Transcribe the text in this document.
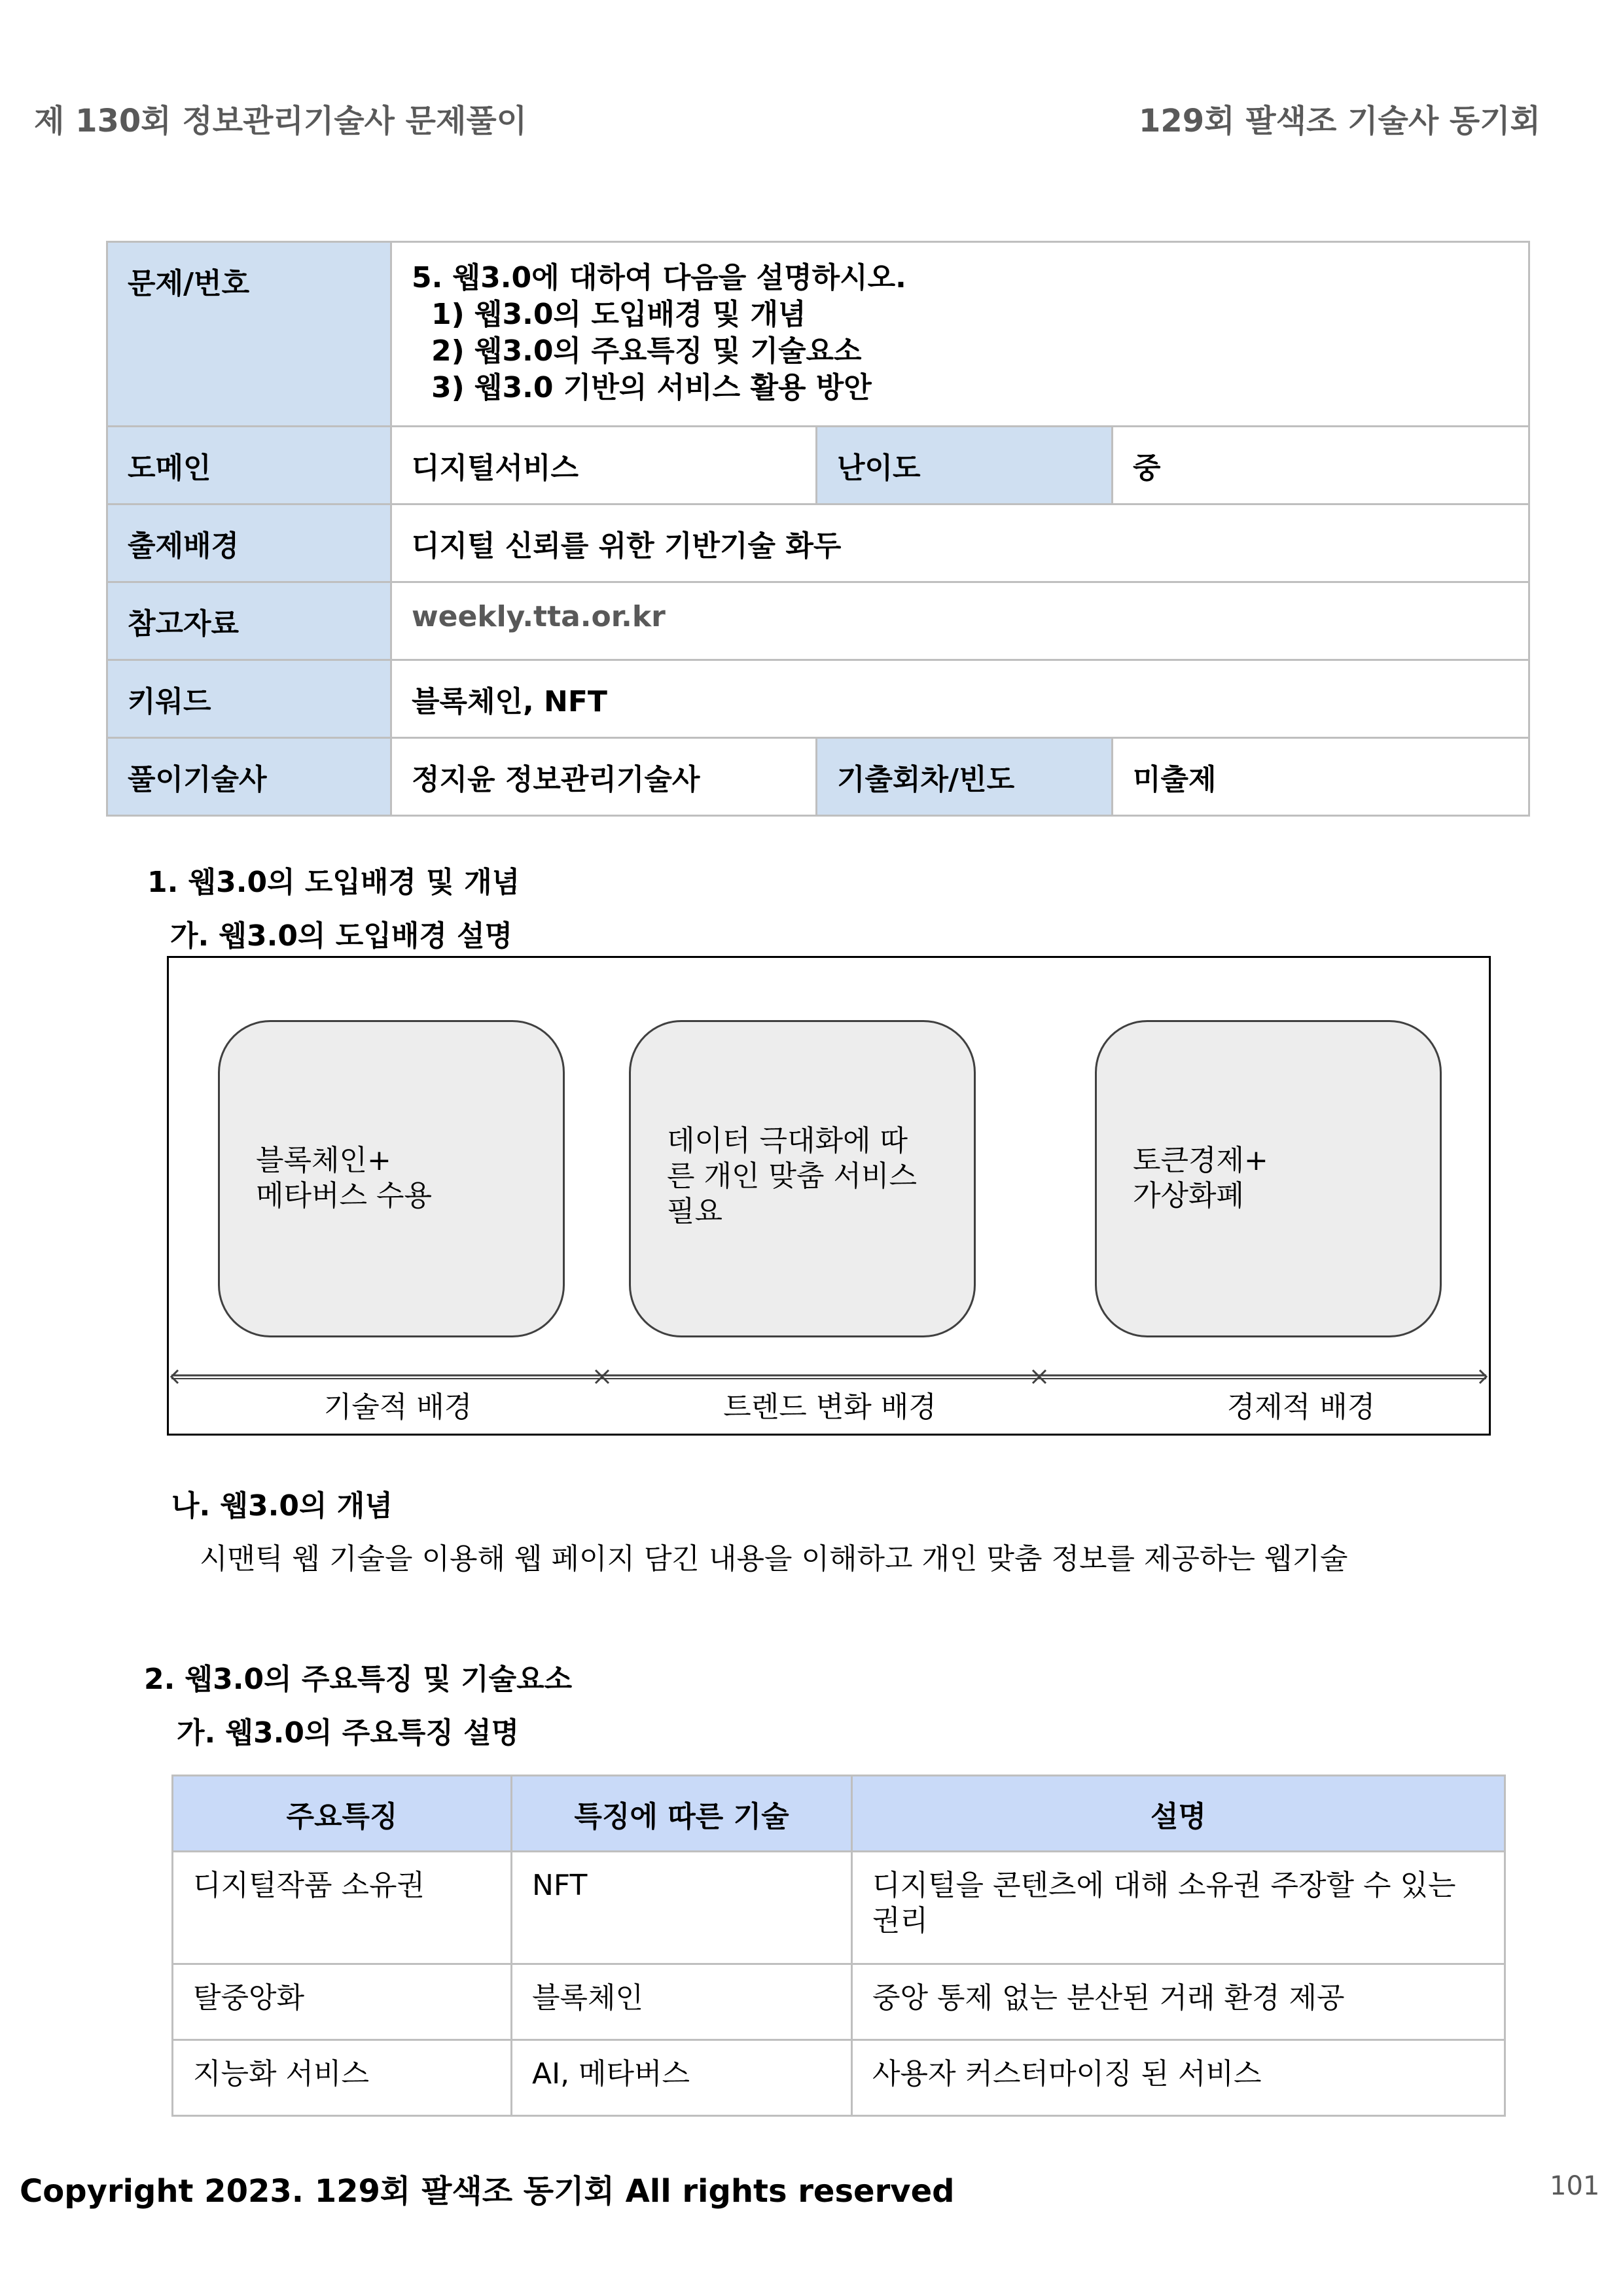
제 130회 정보관리기술사 문제풀이	129회 팔색조 기술사 동기회
문제/번호	5. 웹3.0에 대하여 다음을 설명하시오.
1) 웹3.0의 도입배경 및 개념
2) 웹3.0의 주요특징 및 기술요소
3) 웹3.0 기반의 서비스 활용 방안		

도메인	디지털서비스	난이도	중
출제배경	디지털 신뢰를 위한 기반기술 화두		
참고자료	weekly.tta.or.kr		
키워드	블록체인, NFT		
풀이기술사	정지윤 정보관리기술사	기출회차/빈도	미출제
1. 웹3.0의 도입배경 및 개념
가. 웹3.0의 도입배경 설명
블록체인+
메타버스 수용
데이터 극대화에 따
른 개인 맞춤 서비스
필요
토큰경제+
가상화폐
기술적 배경	트렌드 변화 배경	경제적 배경
나. 웹3.0의 개념
시맨틱 웹 기술을 이용해 웹 페이지 담긴 내용을 이해하고 개인 맞춤 정보를 제공하는 웹기술
2. 웹3.0의 주요특징 및 기술요소
가. 웹3.0의 주요특징 설명
주요특징	특징에 따른 기술	설명
디지털작품 소유권	NFT	디지털을 콘텐츠에 대해 소유권 주장할 수 있는 권리
탈중앙화	블록체인	중앙 통제 없는 분산된 거래 환경 제공
지능화 서비스	AI, 메타버스	사용자 커스터마이징 된 서비스
Copyright 2023. 129회 팔색조 동기회 All rights reserved	101
